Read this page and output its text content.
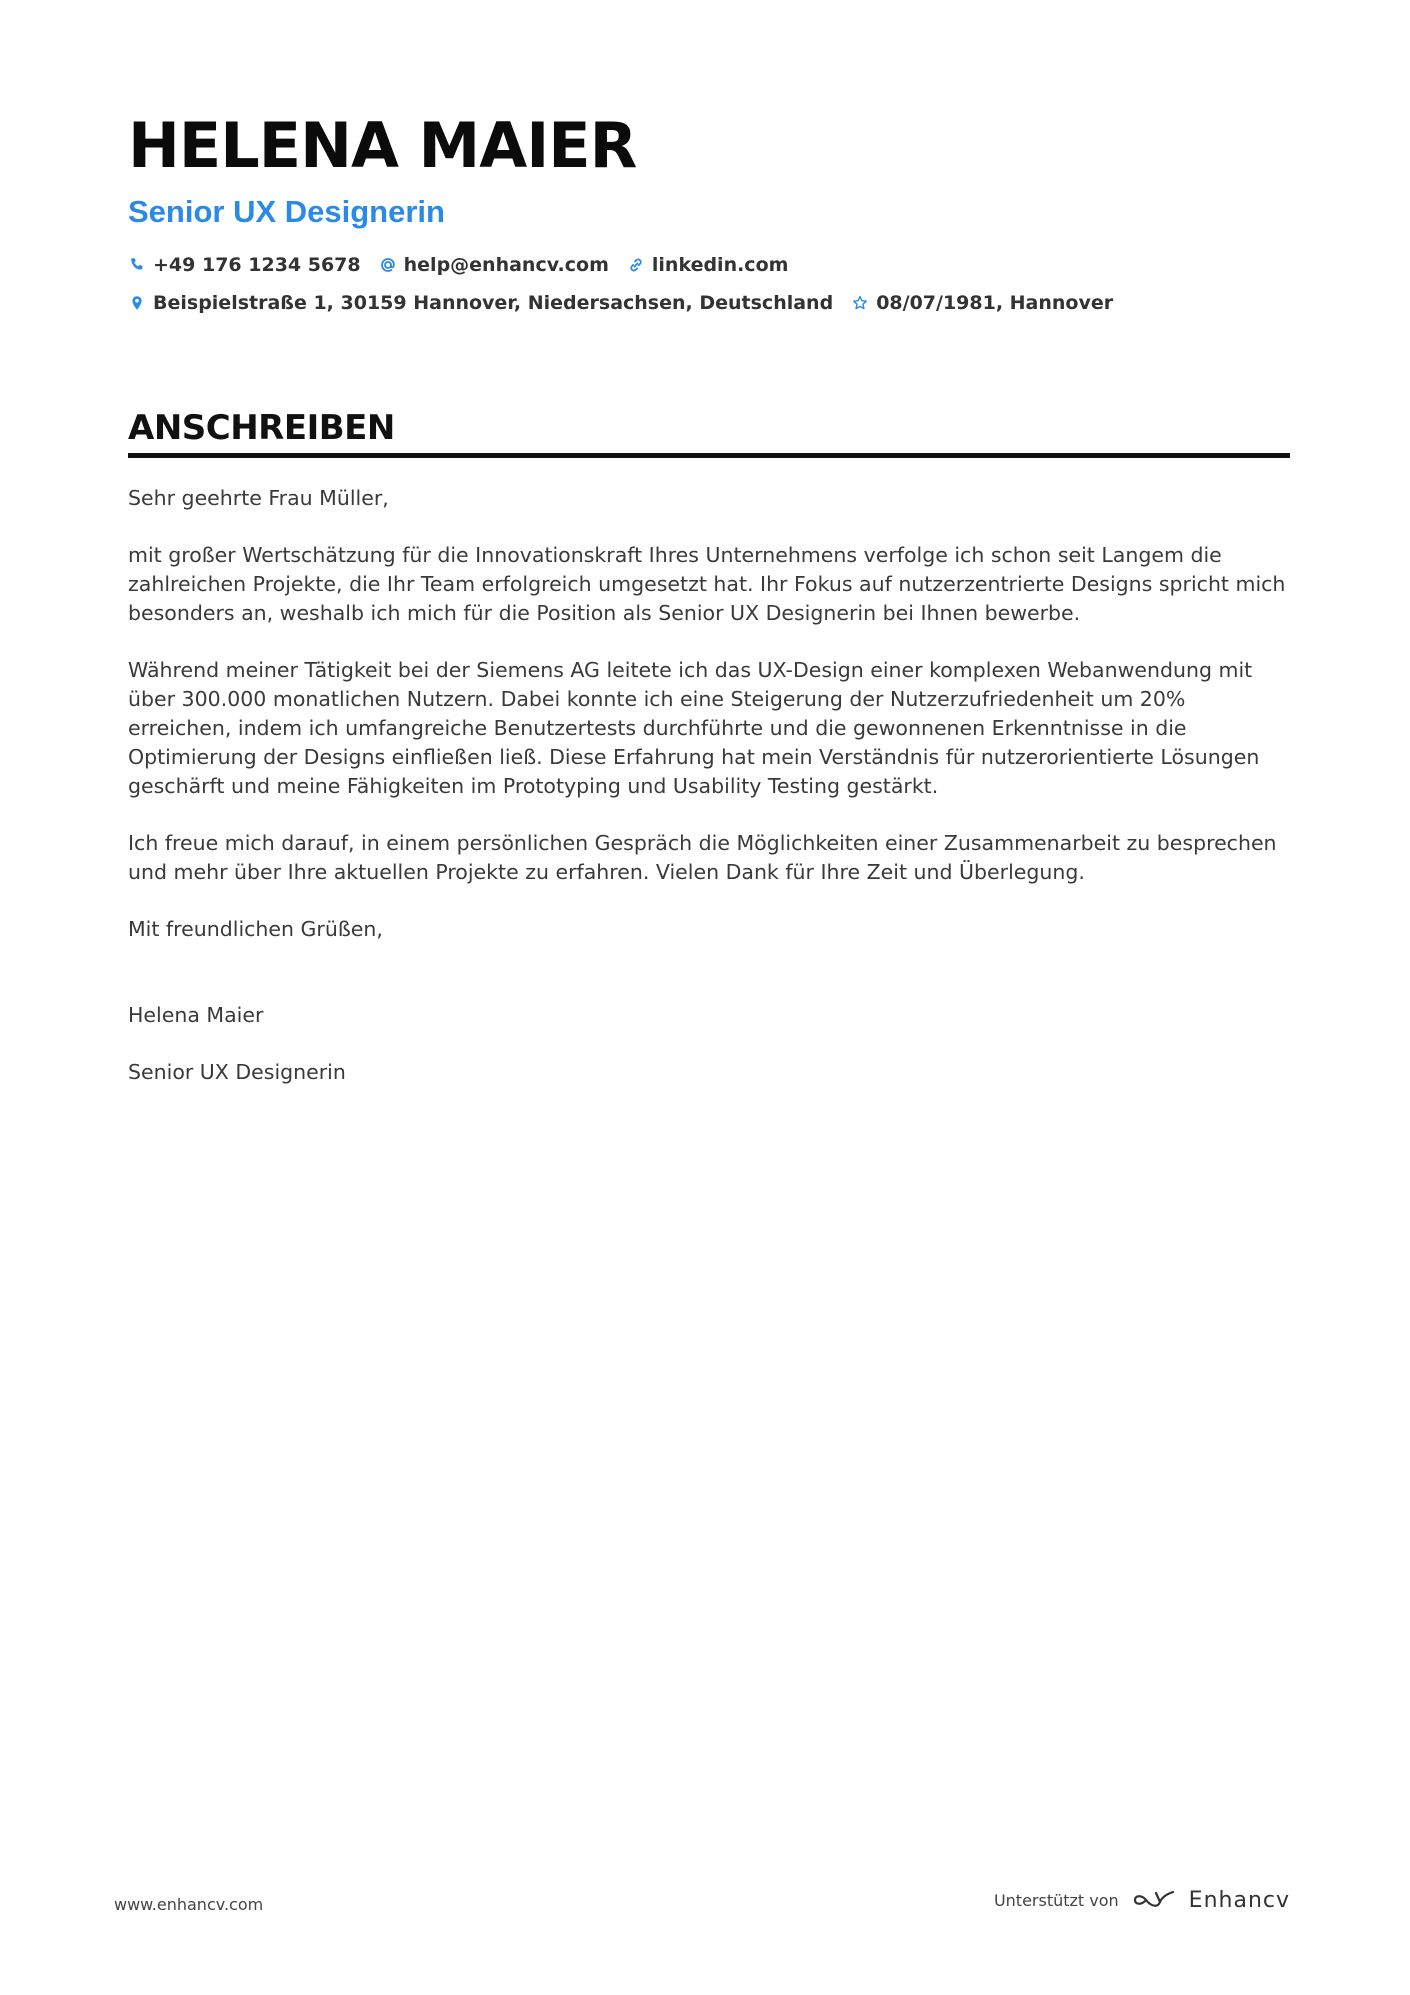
HELENA MAIER
Senior UX Designerin
+49 176 1234 5678 help@enhancv.com linkedin.com
Beispielstraße 1, 30159 Hannover, Niedersachsen, Deutschland 08/07/1981, Hannover
ANSCHREIBEN

Sehr geehrte Frau Müller,

mit großer Wertschätzung für die Innovationskraft Ihres Unternehmens verfolge ich schon seit Langem die zahlreichen Projekte, die Ihr Team erfolgreich umgesetzt hat. Ihr Fokus auf nutzerzentrierte Designs spricht mich besonders an, weshalb ich mich für die Position als Senior UX Designerin bei Ihnen bewerbe.

Während meiner Tätigkeit bei der Siemens AG leitete ich das UX-Design einer komplexen Webanwendung mit über 300.000 monatlichen Nutzern. Dabei konnte ich eine Steigerung der Nutzerzufriedenheit um 20% erreichen, indem ich umfangreiche Benutzertests durchführte und die gewonnenen Erkenntnisse in die Optimierung der Designs einfließen ließ. Diese Erfahrung hat mein Verständnis für nutzerorientierte Lösungen geschärft und meine Fähigkeiten im Prototyping und Usability Testing gestärkt.

Ich freue mich darauf, in einem persönlichen Gespräch die Möglichkeiten einer Zusammenarbeit zu besprechen und mehr über Ihre aktuellen Projekte zu erfahren. Vielen Dank für Ihre Zeit und Überlegung.

Mit freundlichen Grüßen,

Helena Maier

Senior UX Designerin

www.enhancv.com	Unterstützt von	Enhancv
